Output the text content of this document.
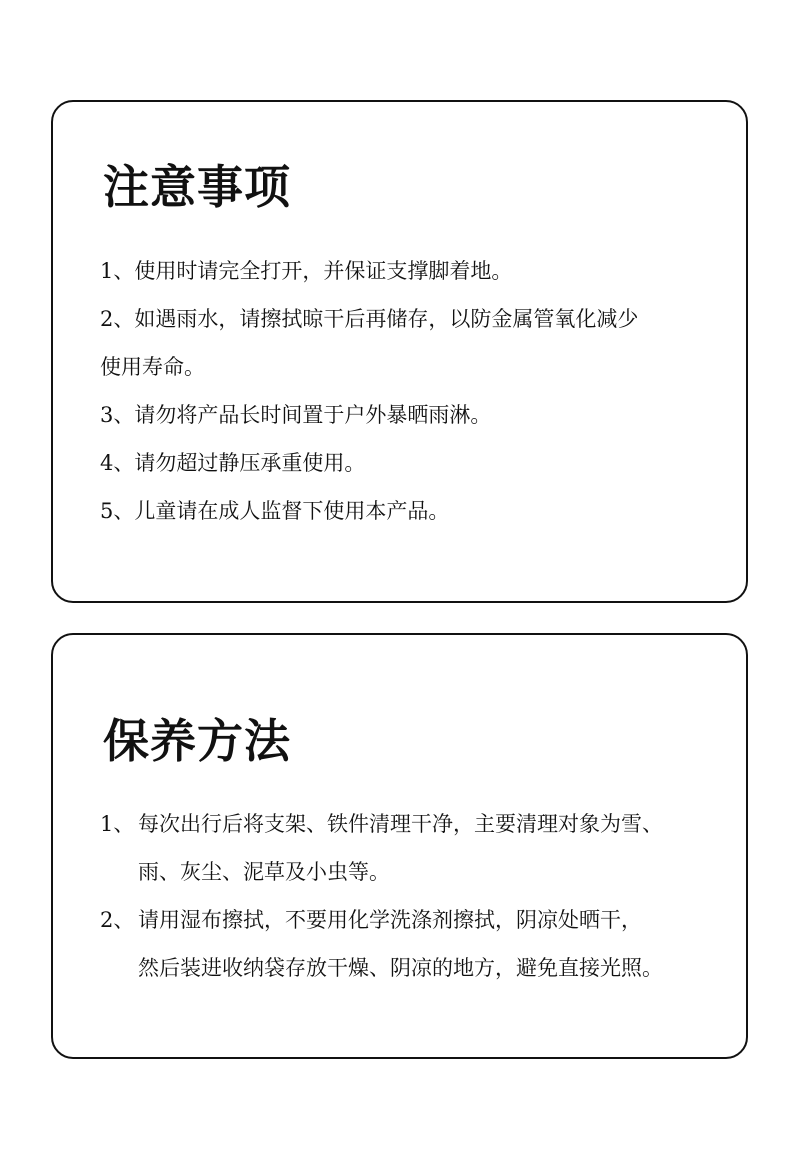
注意事项
1、使用时请完全打开，并保证支撑脚着地。
2、如遇雨水，请擦拭晾干后再储存，以防金属管氧化减少
使用寿命。
3、请勿将产品长时间置于户外暴晒雨淋。
4、请勿超过静压承重使用。
5、儿童请在成人监督下使用本产品。
保养方法
1、 每次出行后将支架、铁件清理干净，主要清理对象为雪、
雨、灰尘、泥草及小虫等。
2、 请用湿布擦拭，不要用化学洗涤剂擦拭，阴凉处晒干，
然后装进收纳袋存放干燥、阴凉的地方，避免直接光照。
